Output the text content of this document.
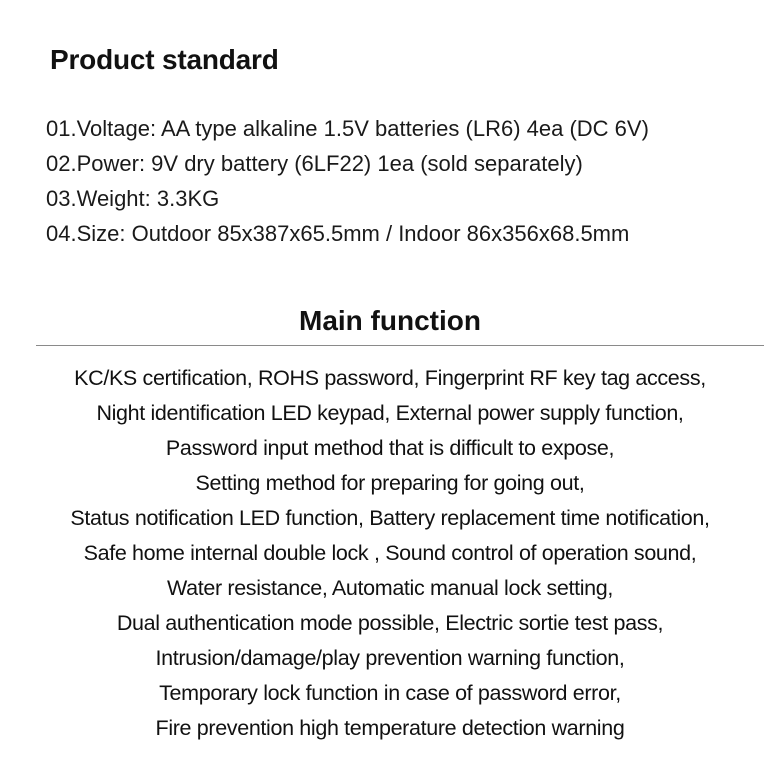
Product standard
01.Voltage: AA type alkaline 1.5V batteries (LR6) 4ea (DC 6V)
02.Power: 9V dry battery (6LF22) 1ea (sold separately)
03.Weight: 3.3KG
04.Size: Outdoor 85x387x65.5mm / Indoor 86x356x68.5mm
Main function
KC/KS certification, ROHS password, Fingerprint RF key tag access,
Night identification LED keypad, External power supply function,
Password input method that is difficult to expose,
Setting method for preparing for going out,
Status notification LED function, Battery replacement time notification,
Safe home internal double lock , Sound control of operation sound,
Water resistance, Automatic manual lock setting,
Dual authentication mode possible, Electric sortie test pass,
Intrusion/damage/play prevention warning function,
Temporary lock function in case of password error,
Fire prevention high temperature detection warning
